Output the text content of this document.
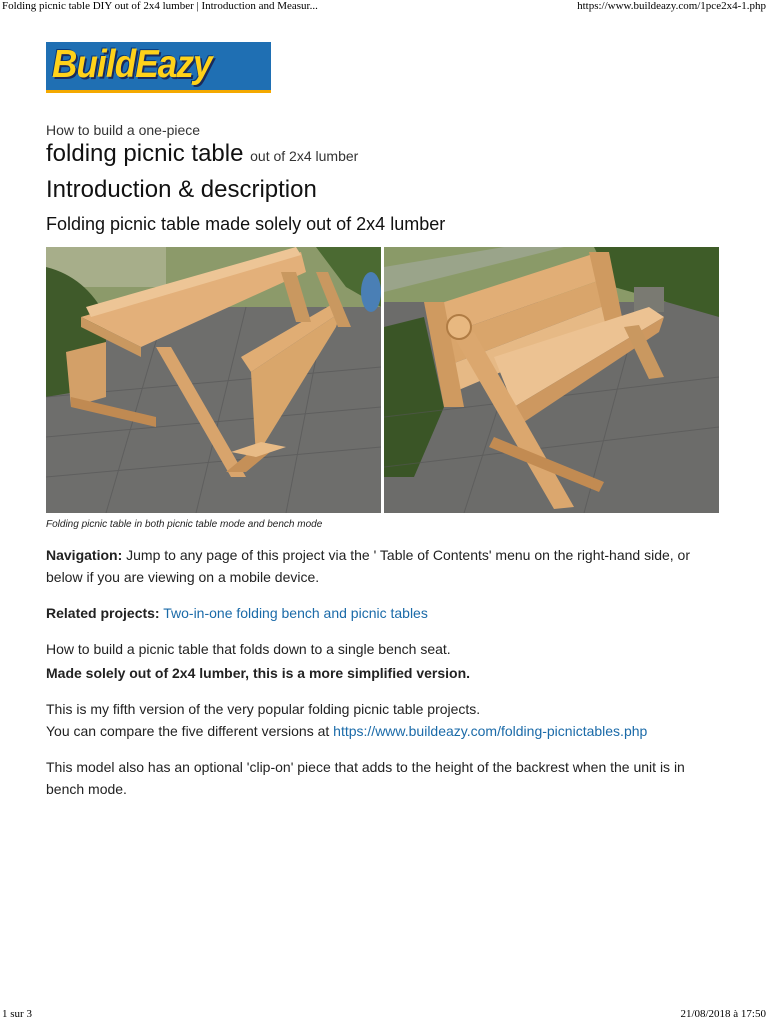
Folding picnic table DIY out of 2x4 lumber | Introduction and Measur...	https://www.buildeazy.com/1pce2x4-1.php
BuildEazy
How to build a one-piece
folding picnic table out of 2x4 lumber
Introduction & description
Folding picnic table made solely out of 2x4 lumber
Folding picnic table in both picnic table mode and bench mode

Navigation: Jump to any page of this project via the ' Table of Contents' menu on the right-hand side, or below if you are viewing on a mobile device.

Related projects: Two-in-one folding bench and picnic tables

How to build a picnic table that folds down to a single bench seat.

Made solely out of 2x4 lumber, this is a more simplified version.

This is my fifth version of the very popular folding picnic table projects.
You can compare the five different versions at https://www.buildeazy.com/folding-picnictables.php

This model also has an optional 'clip-on' piece that adds to the height of the backrest when the unit is in bench mode.

1 sur 3	21/08/2018 à 17:50
